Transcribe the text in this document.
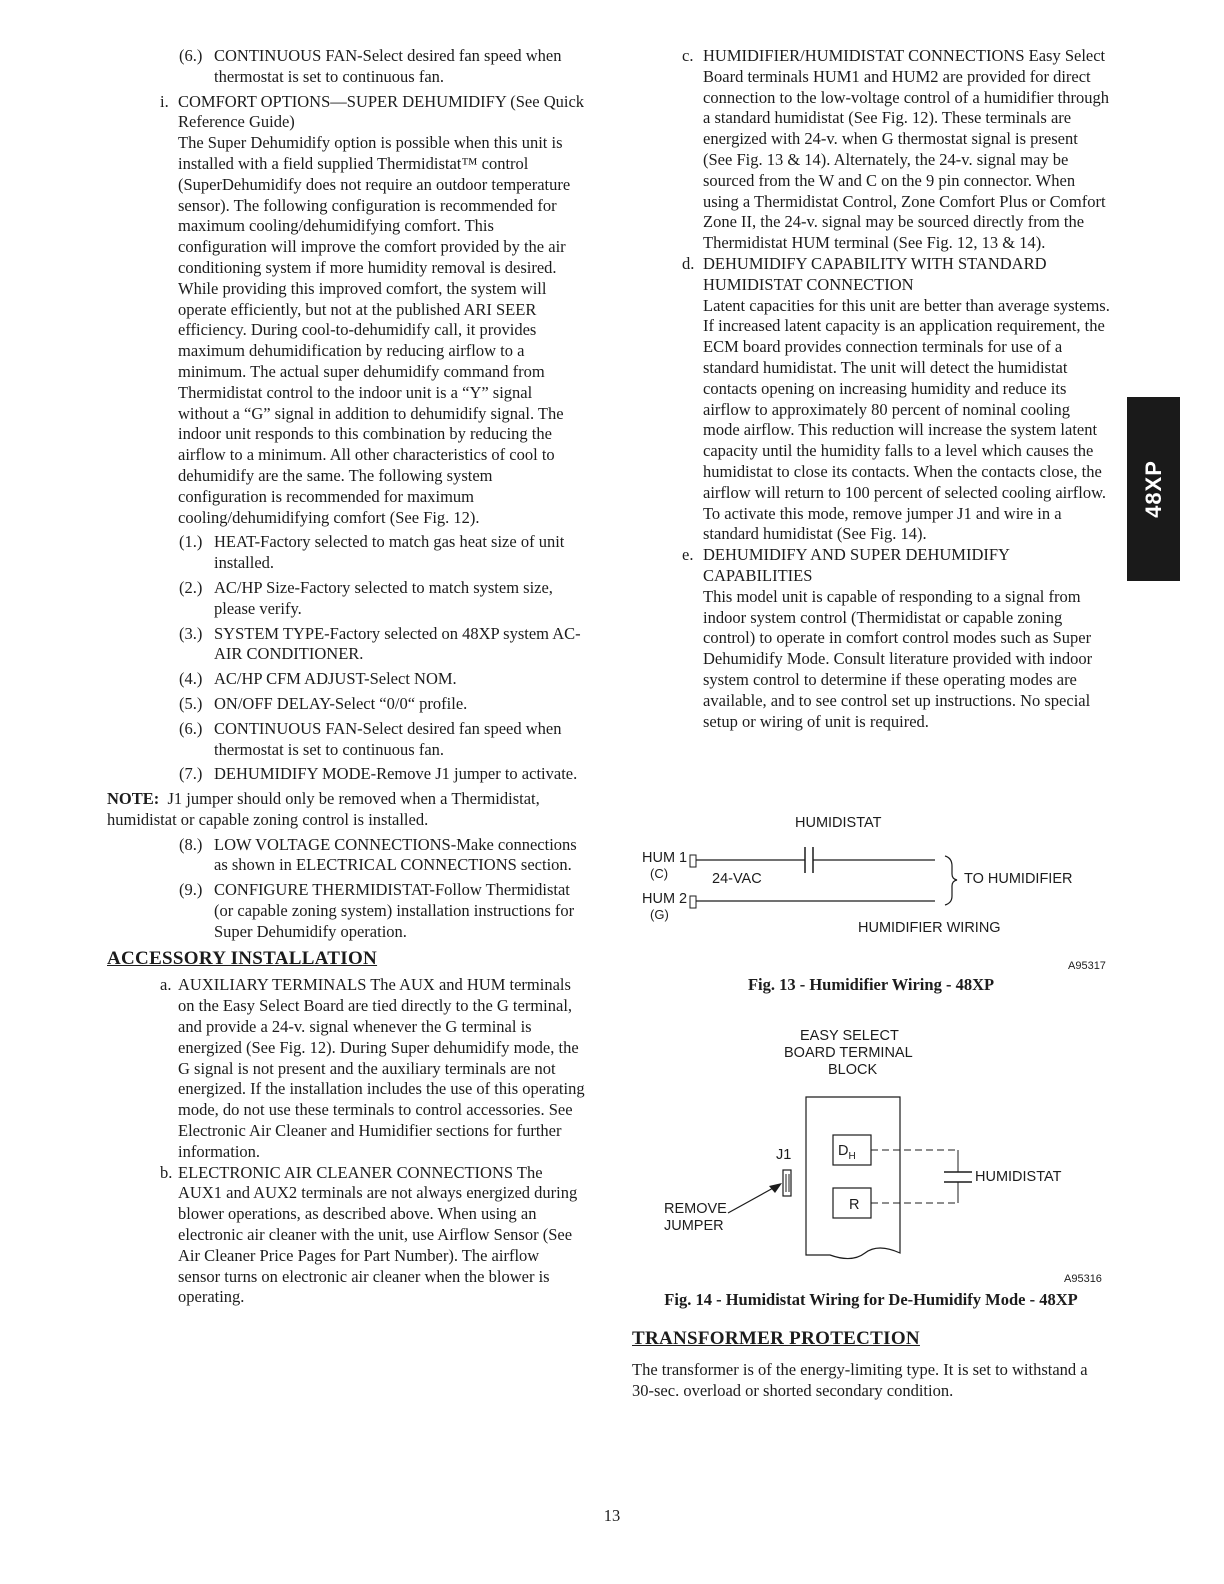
(6.) CONTINUOUS FAN-Select desired fan speed when thermostat is set to continuous fan.
i. COMFORT OPTIONS—SUPER DEHUMIDIFY (See Quick Reference Guide)

The Super Dehumidify option is possible when this unit is installed with a field supplied Thermidistat™ control (SuperDehumidify does not require an outdoor temperature sensor). The following configuration is recommended for maximum cooling/dehumidifying comfort. This configuration will improve the comfort provided by the air conditioning system if more humidity removal is desired. While providing this improved comfort, the system will operate efficiently, but not at the published ARI SEER efficiency. During cool-to-dehumidify call, it provides maximum dehumidification by reducing airflow to a minimum. The actual super dehumidify command from Thermidistat control to the indoor unit is a “Y” signal without a “G” signal in addition to dehumidify signal. The indoor unit responds to this combination by reducing the airflow to a minimum. All other characteristics of cool to dehumidify are the same. The following system configuration is recommended for maximum cooling/dehumidifying comfort (See Fig. 12).

(1.) HEAT-Factory selected to match gas heat size of unit installed.
(2.) AC/HP Size-Factory selected to match system size, please verify.
(3.) SYSTEM TYPE-Factory selected on 48XP system AC-AIR CONDITIONER.
(4.) AC/HP CFM ADJUST-Select NOM.
(5.) ON/OFF DELAY-Select “0/0“ profile.
(6.) CONTINUOUS FAN-Select desired fan speed when thermostat is set to continuous fan.
(7.) DEHUMIDIFY MODE-Remove J1 jumper to activate.

NOTE: J1 jumper should only be removed when a Thermidistat, humidistat or capable zoning control is installed.

(8.) LOW VOLTAGE CONNECTIONS-Make connections as shown in ELECTRICAL CONNECTIONS section.
(9.) CONFIGURE THERMIDISTAT-Follow Thermidistat (or capable zoning system) installation instructions for Super Dehumidify operation.
ACCESSORY INSTALLATION
a. AUXILIARY TERMINALS The AUX and HUM terminals on the Easy Select Board are tied directly to the G terminal, and provide a 24-v. signal whenever the G terminal is energized (See Fig. 12). During Super dehumidify mode, the G signal is not present and the auxiliary terminals are not energized. If the installation includes the use of this operating mode, do not use these terminals to control accessories. See Electronic Air Cleaner and Humidifier sections for further information.

b. ELECTRONIC AIR CLEANER CONNECTIONS The AUX1 and AUX2 terminals are not always energized during blower operations, as described above. When using an electronic air cleaner with the unit, use Airflow Sensor (See Air Cleaner Price Pages for Part Number). The airflow sensor turns on electronic air cleaner when the blower is operating.

c. HUMIDIFIER/HUMIDISTAT CONNECTIONS Easy Select Board terminals HUM1 and HUM2 are provided for direct connection to the low-voltage control of a humidifier through a standard humidistat (See Fig. 12). These terminals are energized with 24-v. when G thermostat signal is present (See Fig. 13 & 14). Alternately, the 24-v. signal may be sourced from the W and C on the 9 pin connector. When using a Thermidistat Control, Zone Comfort Plus or Comfort Zone II, the 24-v. signal may be sourced directly from the Thermidistat HUM terminal (See Fig. 12, 13 & 14).

d. DEHUMIDIFY CAPABILITY WITH STANDARD HUMIDISTAT CONNECTION

Latent capacities for this unit are better than average systems. If increased latent capacity is an application requirement, the ECM board provides connection terminals for use of a standard humidistat. The unit will detect the humidistat contacts opening on increasing humidity and reduce its airflow to approximately 80 percent of nominal cooling mode airflow. This reduction will increase the system latent capacity until the humidity falls to a level which causes the humidistat to close its contacts. When the contacts close, the airflow will return to 100 percent of selected cooling airflow. To activate this mode, remove jumper J1 and wire in a standard humidistat (See Fig. 14).

e. DEHUMIDIFY AND SUPER DEHUMIDIFY CAPABILITIES

This model unit is capable of responding to a signal from indoor system control (Thermidistat or capable zoning control) to operate in comfort control modes such as Super Dehumidify Mode. Consult literature provided with indoor system control to determine if these operating modes are available, and to see control set up instructions. No special setup or wiring of unit is required.

HUMIDISTAT
HUM 1
(C)	24-VAC	TO HUMIDIFIER
HUM 2
(G)
HUMIDIFIER WIRING
A95317
Fig. 13 - Humidifier Wiring - 48XP
EASY SELECT
BOARD TERMINAL
BLOCK
J1
REMOVE
JUMPER
$D_H$
R
HUMIDISTAT
A95316
Fig. 14 - Humidistat Wiring for De-Humidify Mode - 48XP
TRANSFORMER PROTECTION

The transformer is of the energy-limiting type. It is set to withstand a 30-sec. overload or shorted secondary condition.

48XP
13
